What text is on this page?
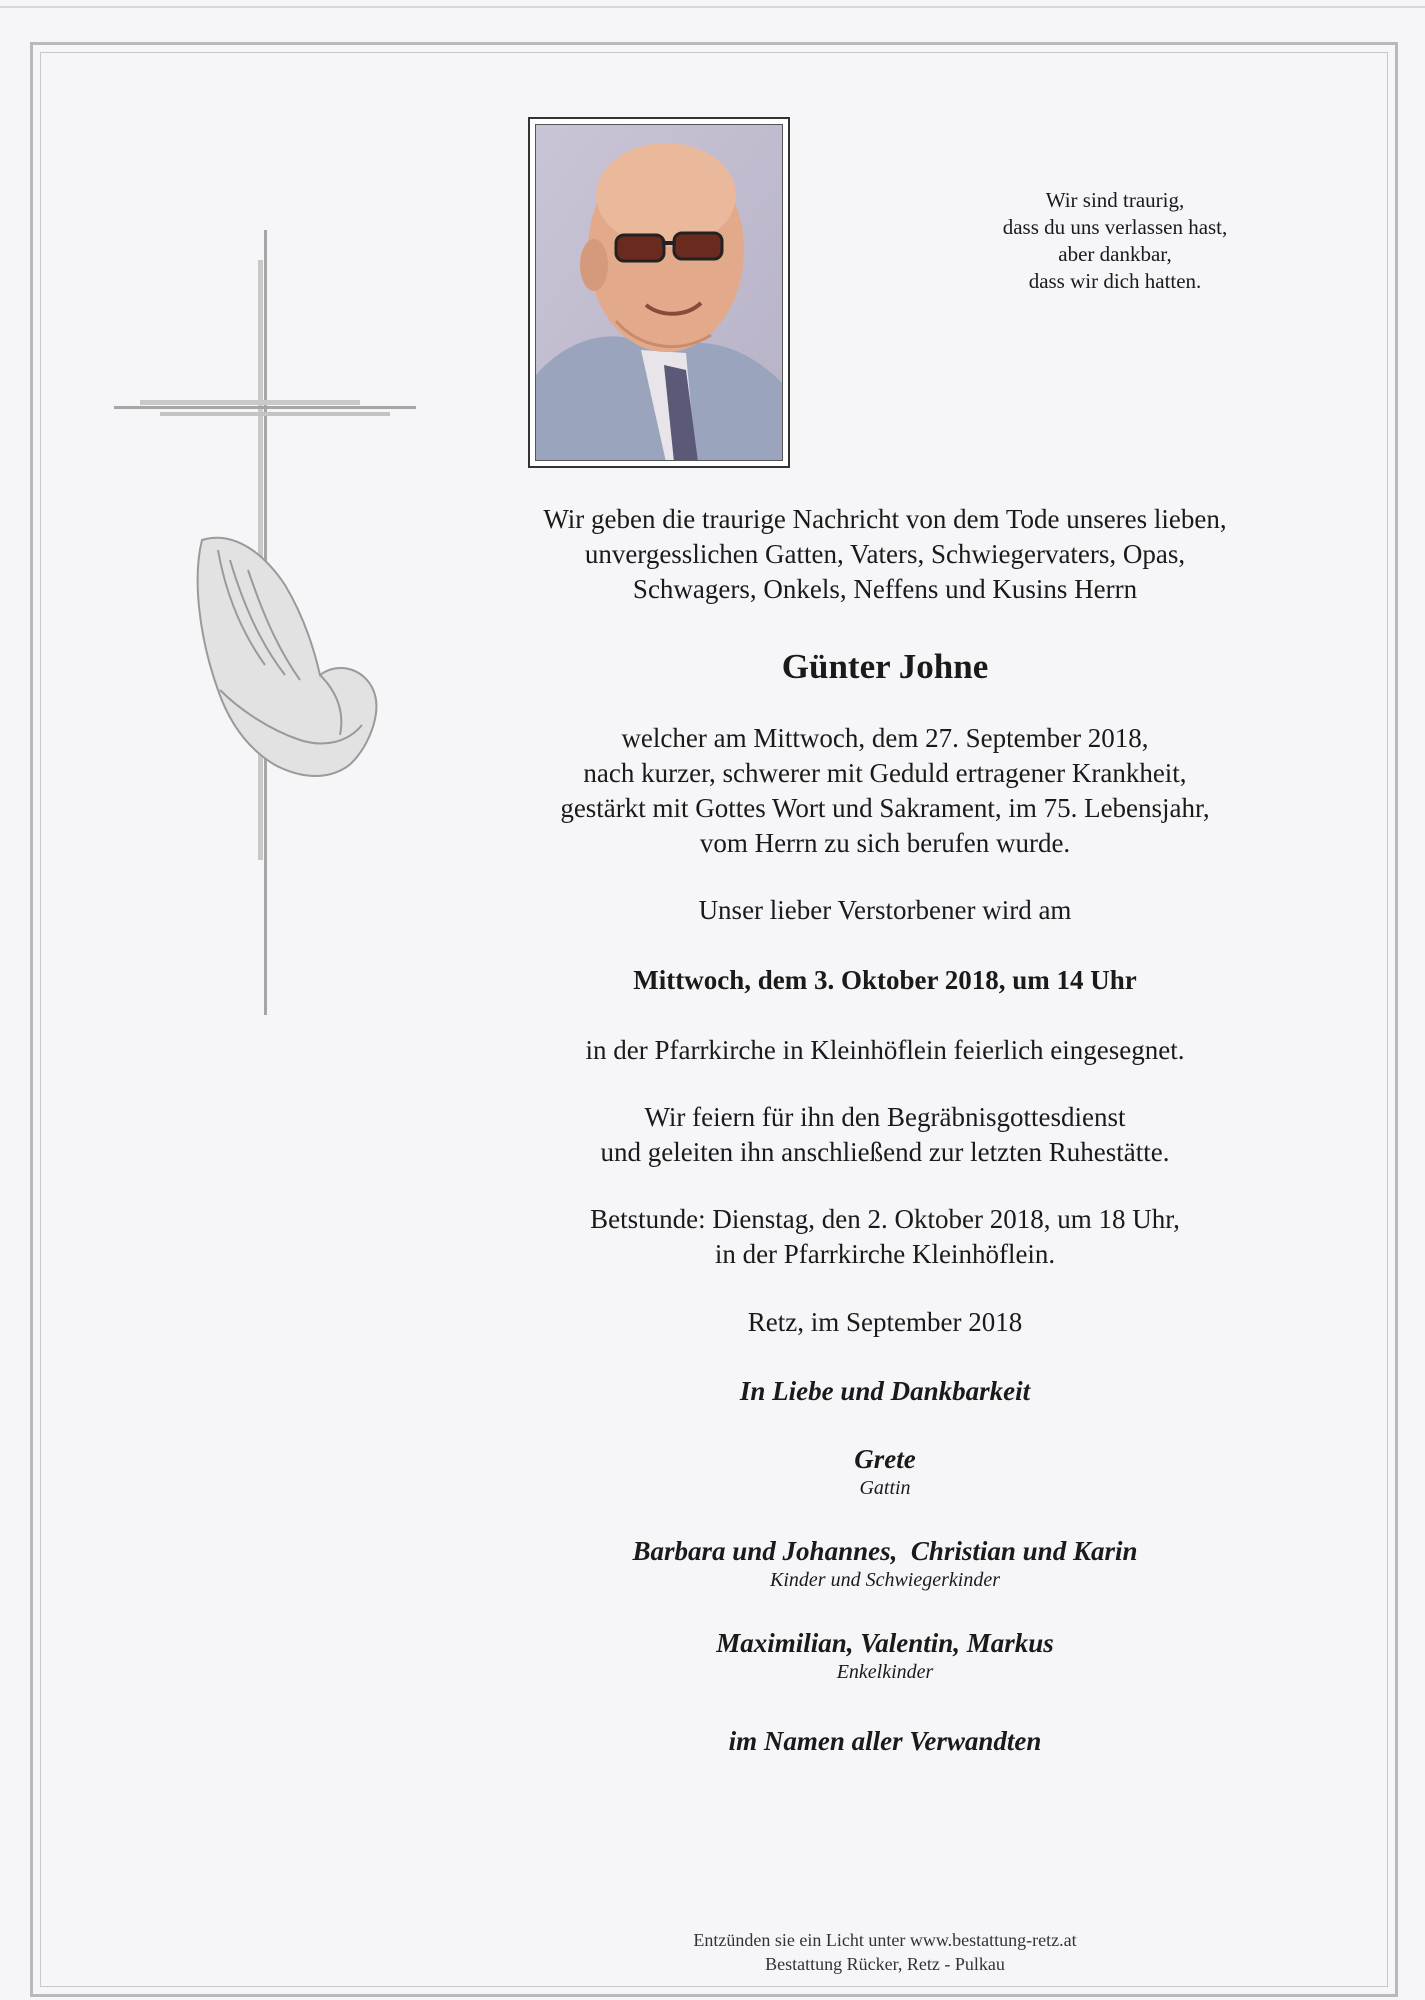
Wir sind traurig,
dass du uns verlassen hast,
aber dankbar,
dass wir dich hatten.
Wir geben die traurige Nachricht von dem Tode unseres lieben,
unvergesslichen Gatten, Vaters, Schwiegervaters, Opas,
Schwagers, Onkels, Neffens und Kusins Herrn
Günter Johne
welcher am Mittwoch, dem 27. September 2018,
nach kurzer, schwerer mit Geduld ertragener Krankheit,
gestärkt mit Gottes Wort und Sakrament, im 75. Lebensjahr,
vom Herrn zu sich berufen wurde.
Unser lieber Verstorbener wird am
Mittwoch, dem 3. Oktober 2018, um 14 Uhr
in der Pfarrkirche in Kleinhöflein feierlich eingesegnet.
Wir feiern für ihn den Begräbnisgottesdienst
und geleiten ihn anschließend zur letzten Ruhestätte.
Betstunde: Dienstag, den 2. Oktober 2018, um 18 Uhr,
in der Pfarrkirche Kleinhöflein.
Retz, im September 2018
In Liebe und Dankbarkeit
Grete
Gattin
Barbara und Johannes,  Christian und Karin
Kinder und Schwiegerkinder
Maximilian, Valentin, Markus
Enkelkinder
im Namen aller Verwandten
Entzünden sie ein Licht unter www.bestattung-retz.at
Bestattung Rücker, Retz - Pulkau
